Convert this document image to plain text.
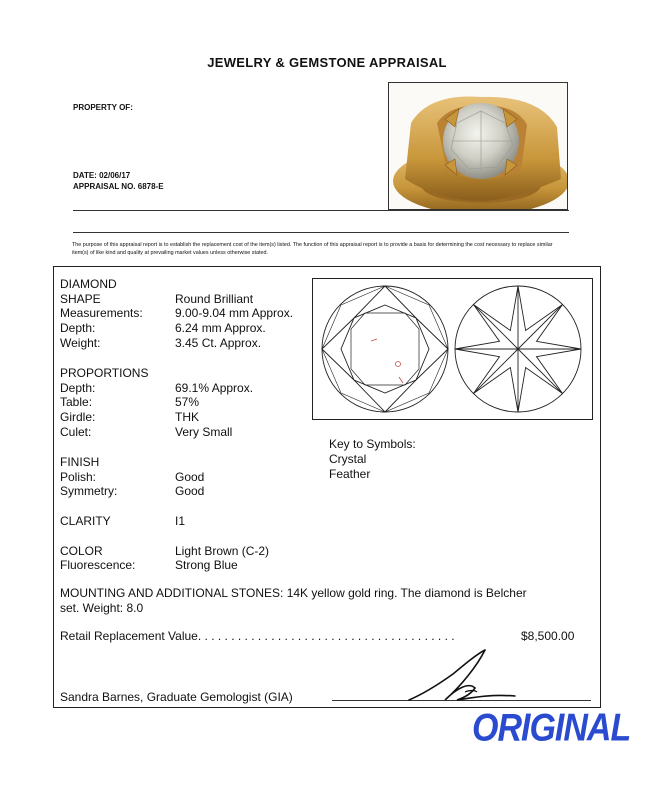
JEWELRY & GEMSTONE APPRAISAL
PROPERTY OF:
DATE: 02/06/17
APPRAISAL NO. 6878-E
The purpose of this appraisal report is to establish the replacement cost of the item(s) listed. The function of this appraisal report is to provide a basis for determining the cost necessary to replace similar item(s) of like kind and quality at prevailing market values unless otherwise stated.
DIAMOND
SHAPE	Round Brilliant
Measurements:	9.00-9.04 mm Approx.
Depth:	6.24 mm Approx.
Weight:	3.45 Ct. Approx.
PROPORTIONS
Depth:	69.1% Approx.
Table:	57%
Girdle:	THK
Culet:	Very Small
FINISH
Polish:	Good
Symmetry:	Good
CLARITY	I1
COLOR	Light Brown (C-2)
Fluorescence:	Strong Blue
Key to Symbols:
Crystal
Feather
MOUNTING AND ADDITIONAL STONES: 14K yellow gold ring. The diamond is Belcher
set. Weight: 8.0
Retail Replacement Value. . . . . . . . . . . . . . . . . . . . . . . . . . . . . . . . . . . . . . .	$8,500.00
Sandra Barnes, Graduate Gemologist (GIA)
ORIGINAL
